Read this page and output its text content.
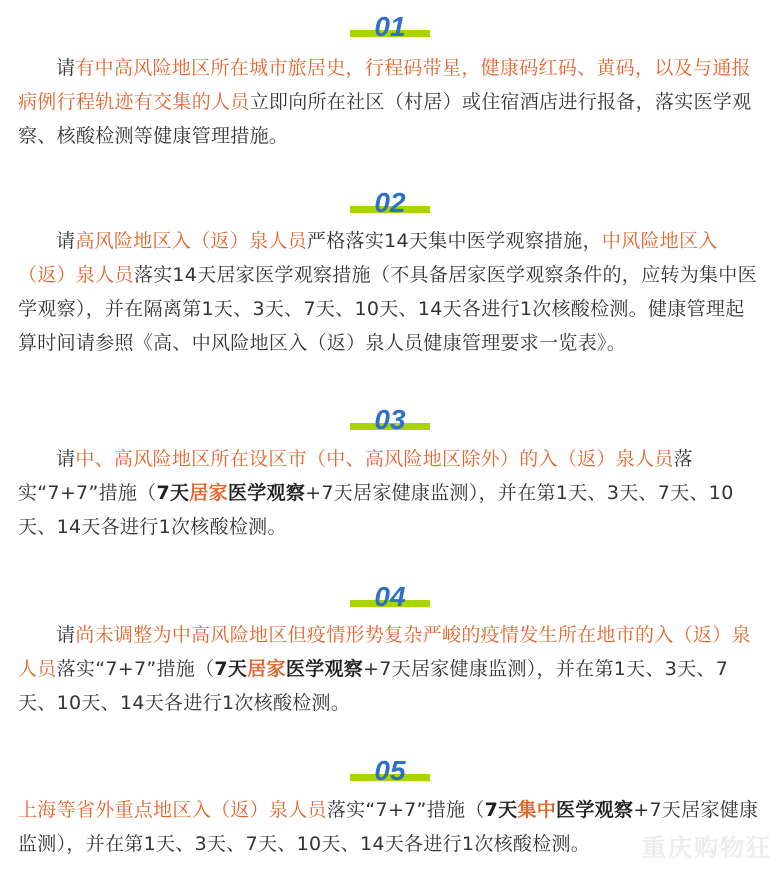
01

请有中高风险地区所在城市旅居史，行程码带星，健康码红码、黄码，以及与通报病例行程轨迹有交集的人员立即向所在社区（村居）或住宿酒店进行报备，落实医学观察、核酸检测等健康管理措施。

02

请高风险地区入（返）泉人员严格落实14天集中医学观察措施，中风险地区入（返）泉人员落实14天居家医学观察措施（不具备居家医学观察条件的，应转为集中医学观察），并在隔离第1天、3天、7天、10天、14天各进行1次核酸检测。健康管理起算时间请参照《高、中风险地区入（返）泉人员健康管理要求一览表》。

03

请中、高风险地区所在设区市（中、高风险地区除外）的入（返）泉人员落实“7+7”措施（7天居家医学观察+7天居家健康监测），并在第1天、3天、7天、10天、14天各进行1次核酸检测。

04

请尚未调整为中高风险地区但疫情形势复杂严峻的疫情发生所在地市的入（返）泉人员落实“7+7”措施（7天居家医学观察+7天居家健康监测），并在第1天、3天、7天、10天、14天各进行1次核酸检测。

05

上海等省外重点地区入（返）泉人员落实“7+7”措施（7天集中医学观察+7天居家健康监测），并在第1天、3天、7天、10天、14天各进行1次核酸检测。	重庆购物狂
